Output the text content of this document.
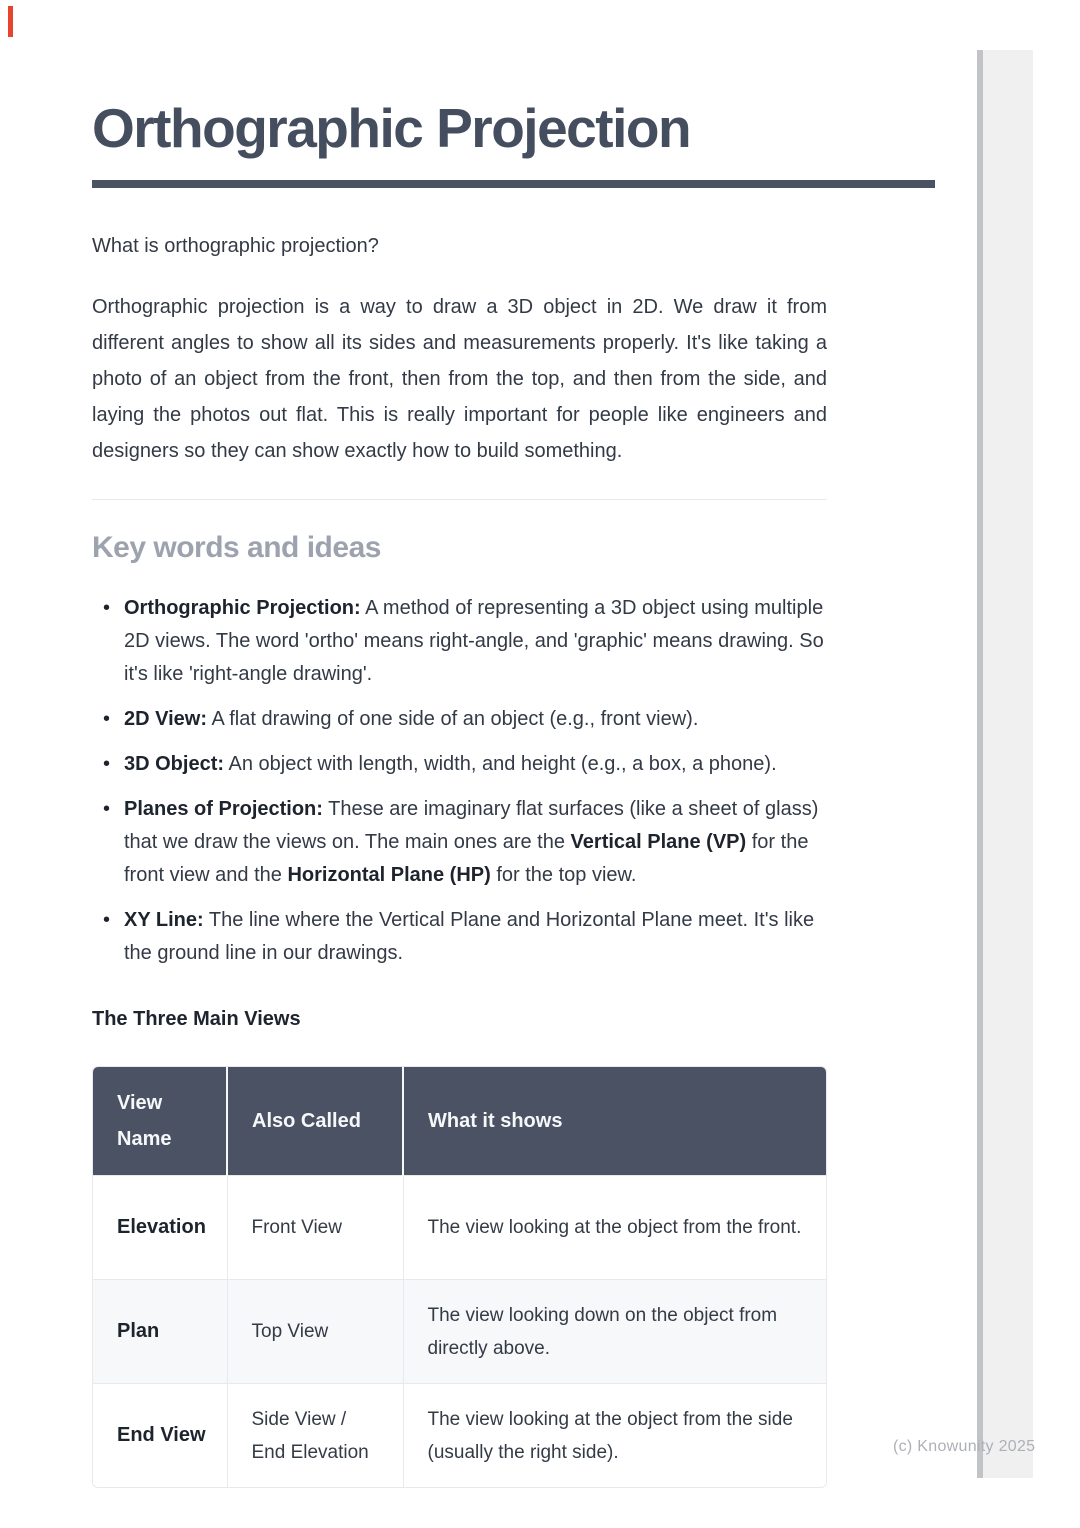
Orthographic Projection

What is orthographic projection?

Orthographic projection is a way to draw a 3D object in 2D. We draw it from different angles to show all its sides and measurements properly. It's like taking a photo of an object from the front, then from the top, and then from the side, and laying the photos out flat. This is really important for people like engineers and designers so they can show exactly how to build something.

Key words and ideas
• Orthographic Projection: A method of representing a 3D object using multiple 2D views. The word 'ortho' means right-angle, and 'graphic' means drawing. So it's like 'right-angle drawing'.
• 2D View: A flat drawing of one side of an object (e.g., front view).
• 3D Object: An object with length, width, and height (e.g., a box, a phone).
• Planes of Projection: These are imaginary flat surfaces (like a sheet of glass) that we draw the views on. The main ones are the Vertical Plane (VP) for the front view and the Horizontal Plane (HP) for the top view.
• XY Line: The line where the Vertical Plane and Horizontal Plane meet. It's like the ground line in our drawings.
The Three Main Views
View Name	Also Called	What it shows
Elevation	Front View	The view looking at the object from the front.
Plan	Top View	The view looking down on the object from directly above.
End View	Side View / End Elevation	The view looking at the object from the side (usually the right side).	(c) Knowunity 2025
